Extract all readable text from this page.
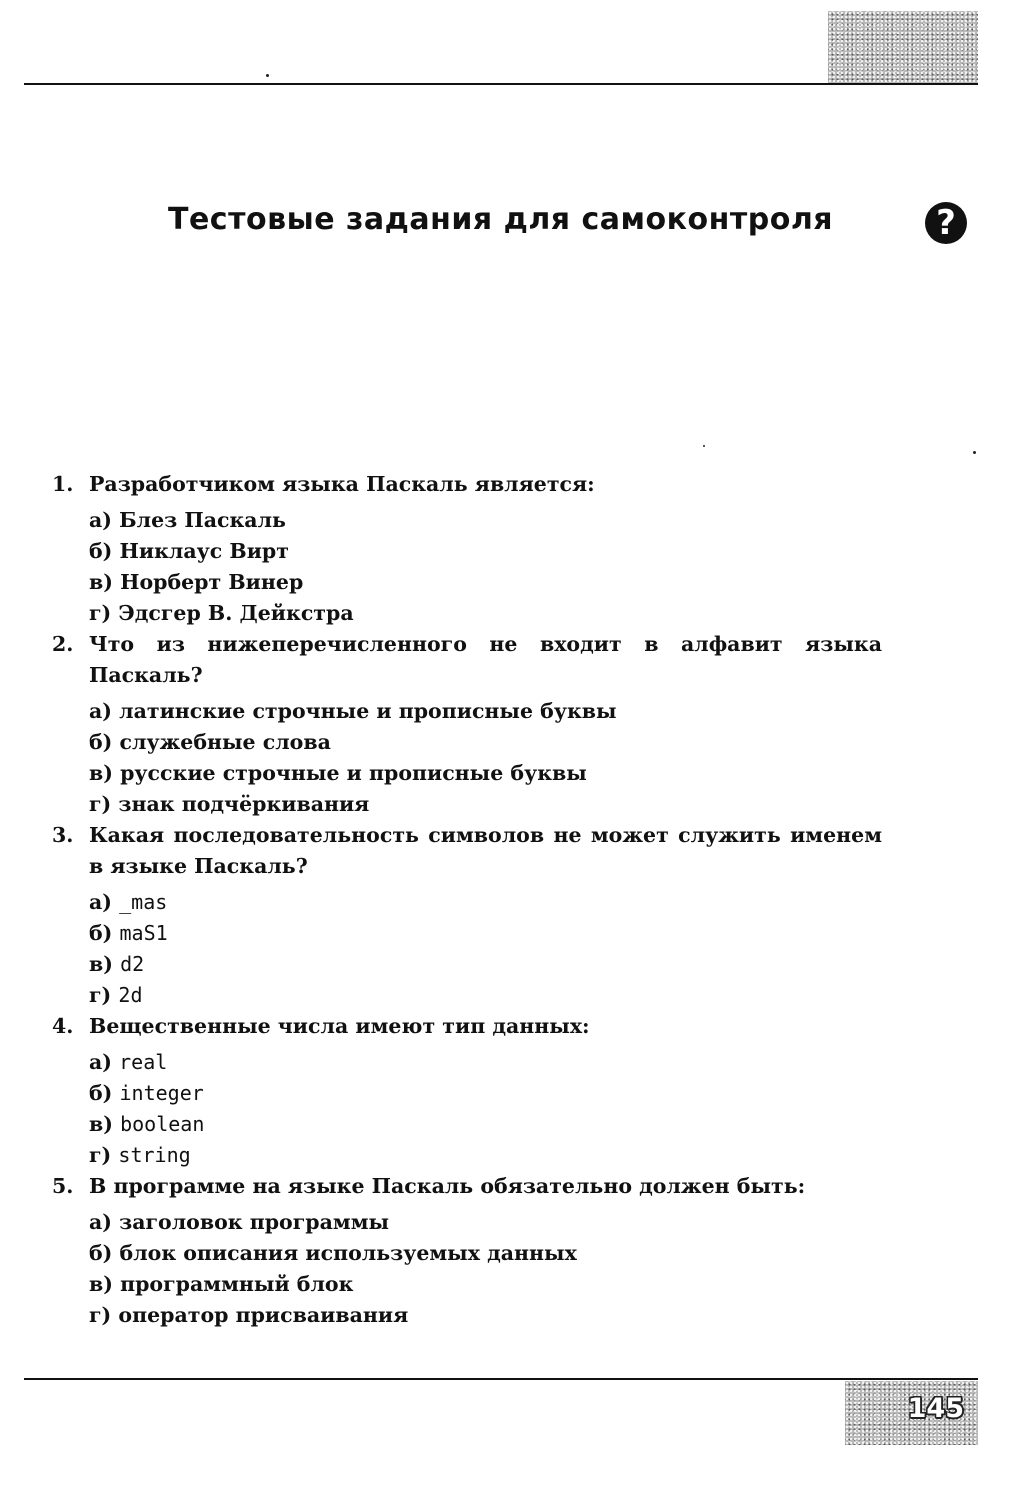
Тестовые задания для самоконтроля	?
1. Разработчиком языка Паскаль является:
а) Блез Паскаль
б) Никлаус Вирт
в) Норберт Винер
г) Эдсгер В. Дейкстра
2. Что из нижеперечисленного не входит в алфавит языка Паскаль?
а) латинские строчные и прописные буквы
б) служебные слова
в) русские строчные и прописные буквы
г) знак подчёркивания
3. Какая последовательность символов не может служить именем в языке Паскаль?
а) _mas
б) maS1
в) d2
г) 2d
4. Вещественные числа имеют тип данных:
а) real
б) integer
в) boolean
г) string
5. В программе на языке Паскаль обязательно должен быть:
а) заголовок программы
б) блок описания используемых данных
в) программный блок
г) оператор присваивания
145
